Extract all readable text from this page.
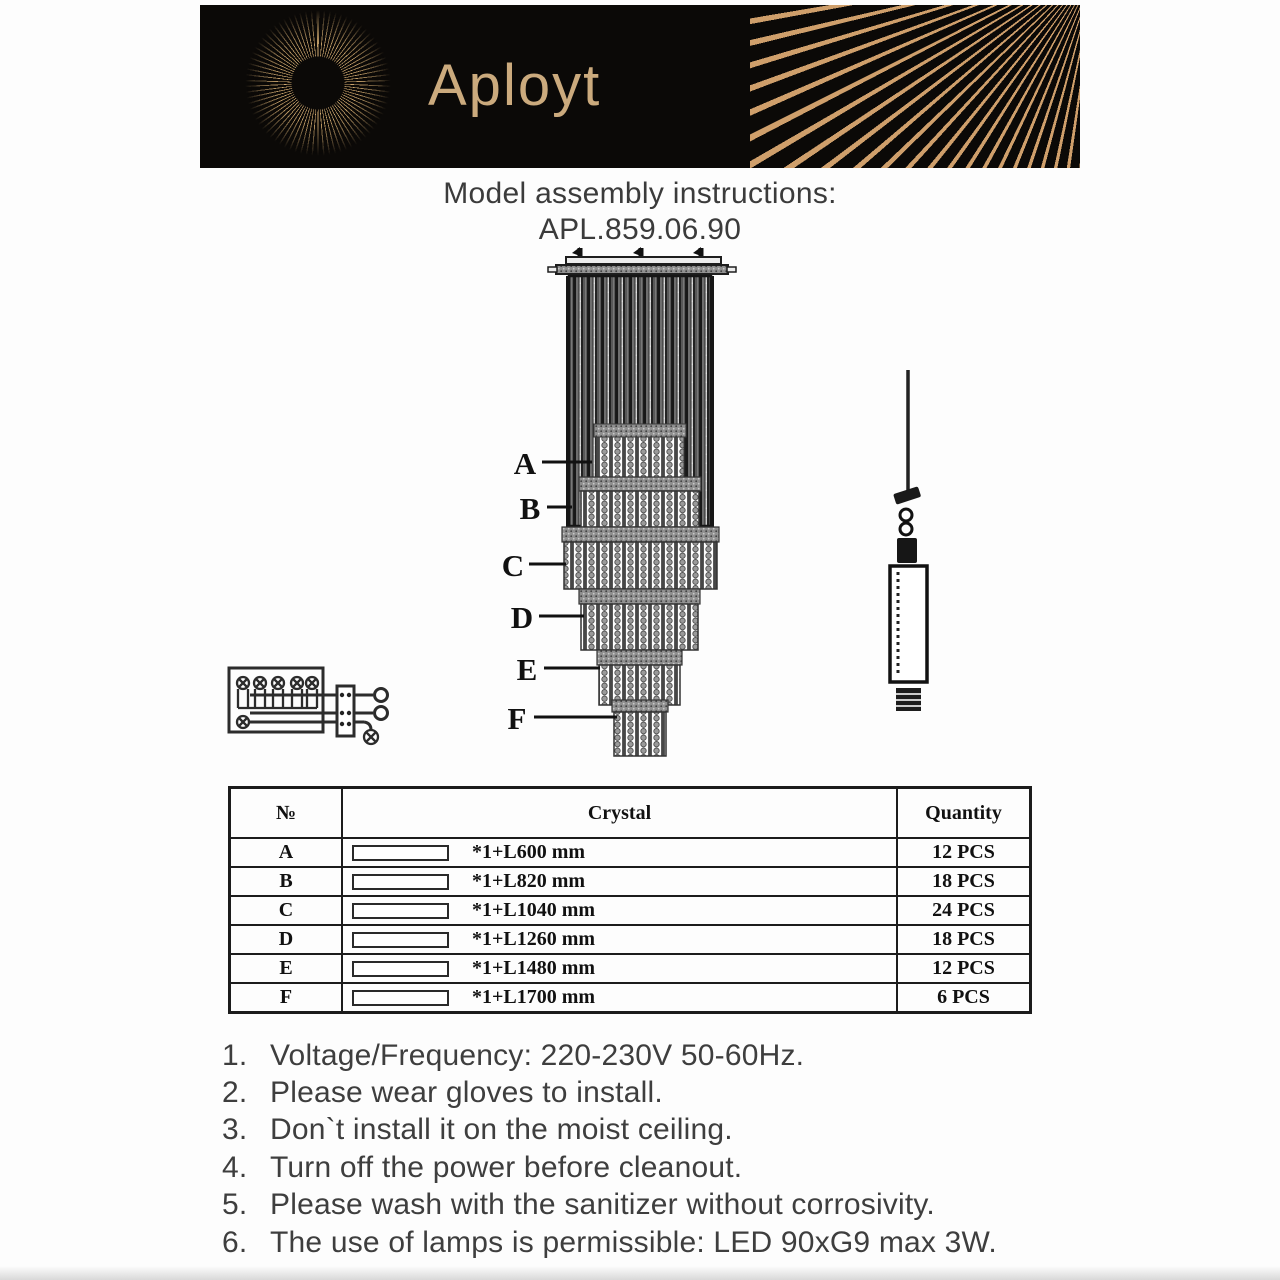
Aployt
Model assembly instructions:
APL.859.06.90
A
B
C
D
E
F
№	Crystal	Quantity
A	*1+L600 mm	12 PCS
B	*1+L820 mm	18 PCS
C	*1+L1040 mm	24 PCS
D	*1+L1260 mm	18 PCS
E	*1+L1480 mm	12 PCS
F	*1+L1700 mm	6 PCS
1. Voltage/Frequency: 220-230V 50-60Hz.
2. Please wear gloves to install.
3. Don`t install it on the moist ceiling.
4. Turn off the power before cleanout.
5. Please wash with the sanitizer without corrosivity.
6. The use of lamps is permissible: LED 90xG9 max 3W.
